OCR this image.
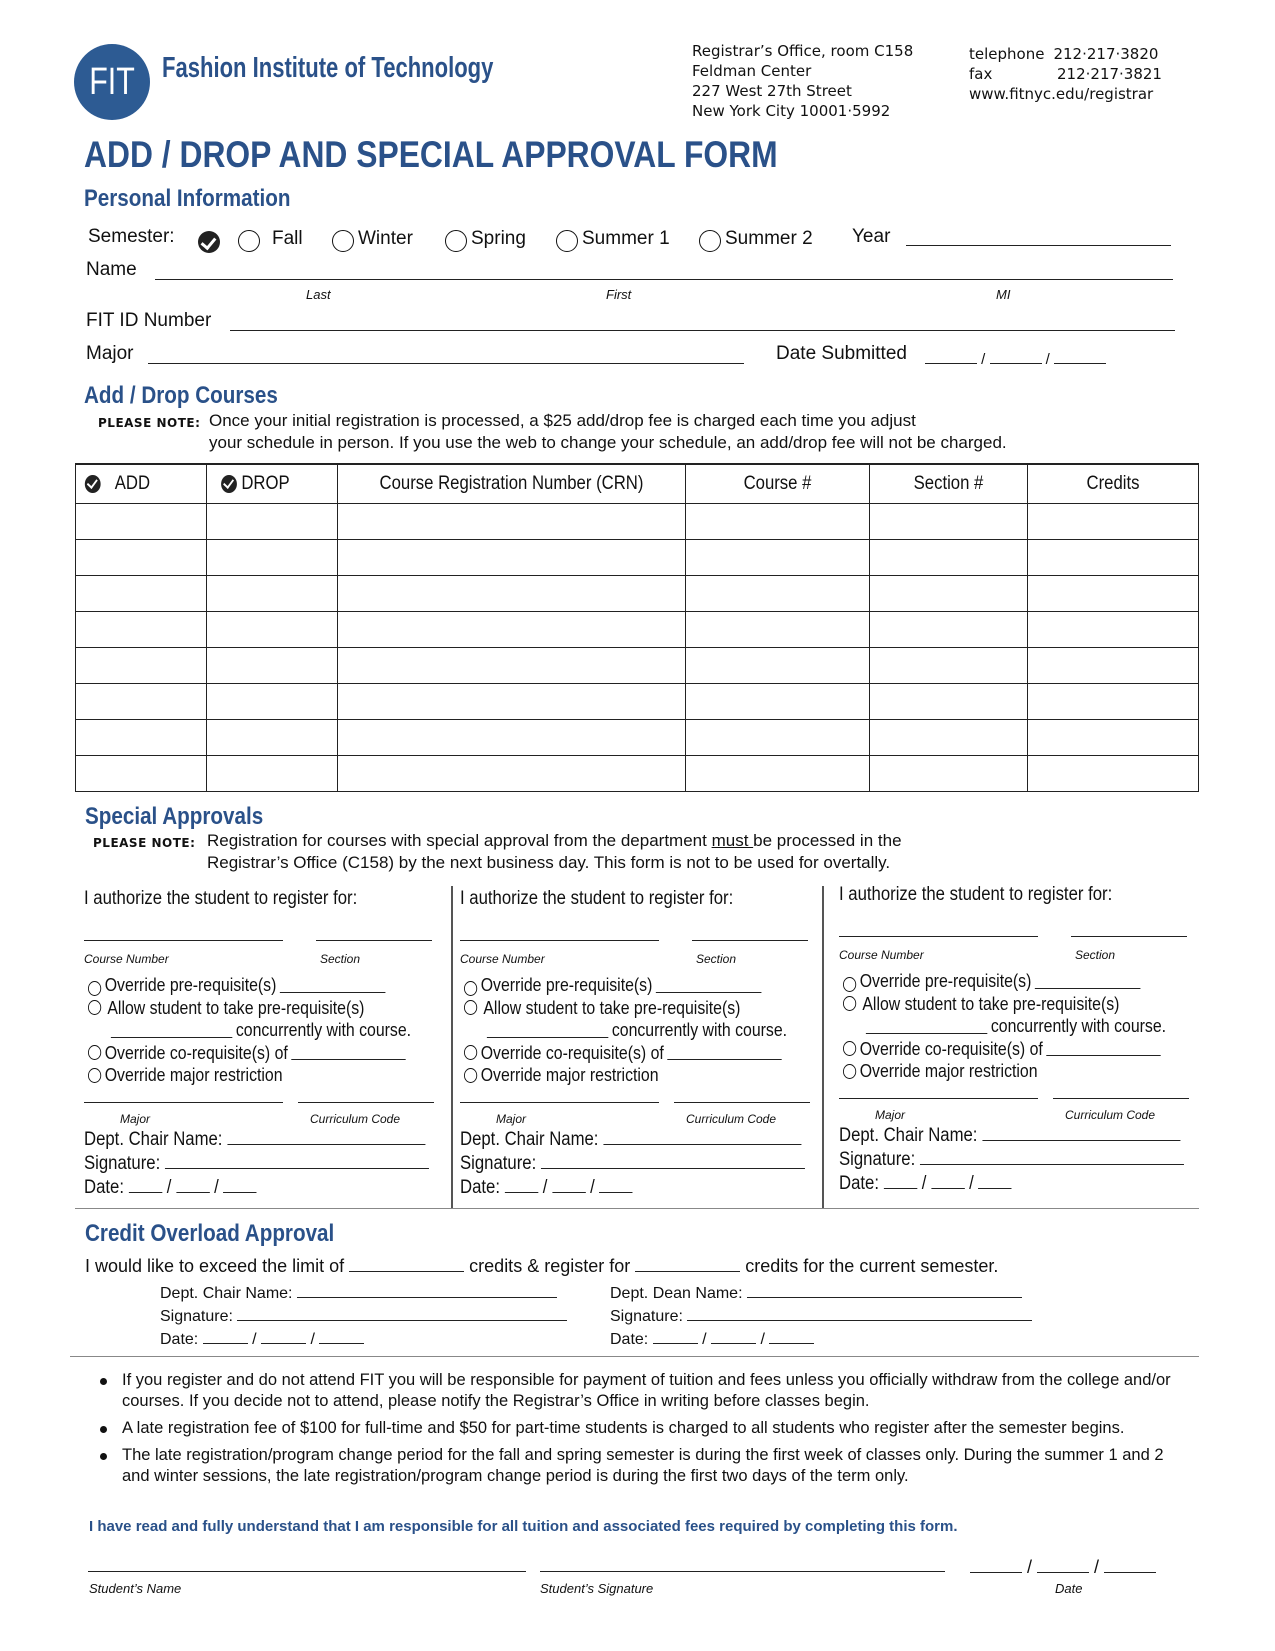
FIT Fashion Institute of Technology
Registrar’s Office, room C158
Feldman Center
227 West 27th Street
New York City 10001·5992
telephone 212·217·3820
fax	212·217·3821
www.fitnyc.edu/registrar
ADD / DROP AND SPECIAL APPROVAL FORM
Personal Information
Semester:	Fall	Winter	Spring	Summer 1	Summer 2 Year
Name
Last	First	MI
FIT ID Number
Major	Date Submitted	/	/
Add / Drop Courses
PLEASE NOTE: Once your initial registration is processed, a $25 add/drop fee is charged each time you adjust
your schedule in person. If you use the web to change your schedule, an add/drop fee will not be charged.
ADD	DROP	Course Registration Number (CRN)	Course #	Section #	Credits

Special Approvals
PLEASE NOTE: Registration for courses with special approval from the department must be processed in the
Registrar’s Office (C158) by the next business day. This form is not to be used for overtally.
I authorize the student to register for:
Course Number	Section
Override pre-requisite(s)
Allow student to take pre-requisite(s)
concurrently with course.
Override co-requisite(s) of
Override major restriction
Major	Curriculum Code
Dept. Chair Name:
Signature:
Date:  /  /
I authorize the student to register for:
Course Number	Section
Override pre-requisite(s)
Allow student to take pre-requisite(s)
concurrently with course.
Override co-requisite(s) of
Override major restriction
Major	Curriculum Code
Dept. Chair Name:
Signature:
Date:  /  /
I authorize the student to register for:
Course Number	Section
Override pre-requisite(s)
Allow student to take pre-requisite(s)
concurrently with course.
Override co-requisite(s) of
Override major restriction
Major	Curriculum Code
Dept. Chair Name:
Signature:
Date:  /  /
Credit Overload Approval
I would like to exceed the limit of	credits & register for	credits for the current semester.
Dept. Chair Name:
Signature:
Date:	/	/
Dept. Dean Name:
Signature:
Date:	/	/
If you register and do not attend FIT you will be responsible for payment of tuition and fees unless you officially withdraw from the college and/or courses. If you decide not to attend, please notify the Registrar’s Office in writing before classes begin.
A late registration fee of $100 for full-time and $50 for part-time students is charged to all students who register after the semester begins.
The late registration/program change period for the fall and spring semester is during the first week of classes only. During the summer 1 and 2 and winter sessions, the late registration/program change period is during the first two days of the term only.
I have read and fully understand that I am responsible for all tuition and associated fees required by completing this form.
/	/
Student’s Name	Student’s Signature	Date
